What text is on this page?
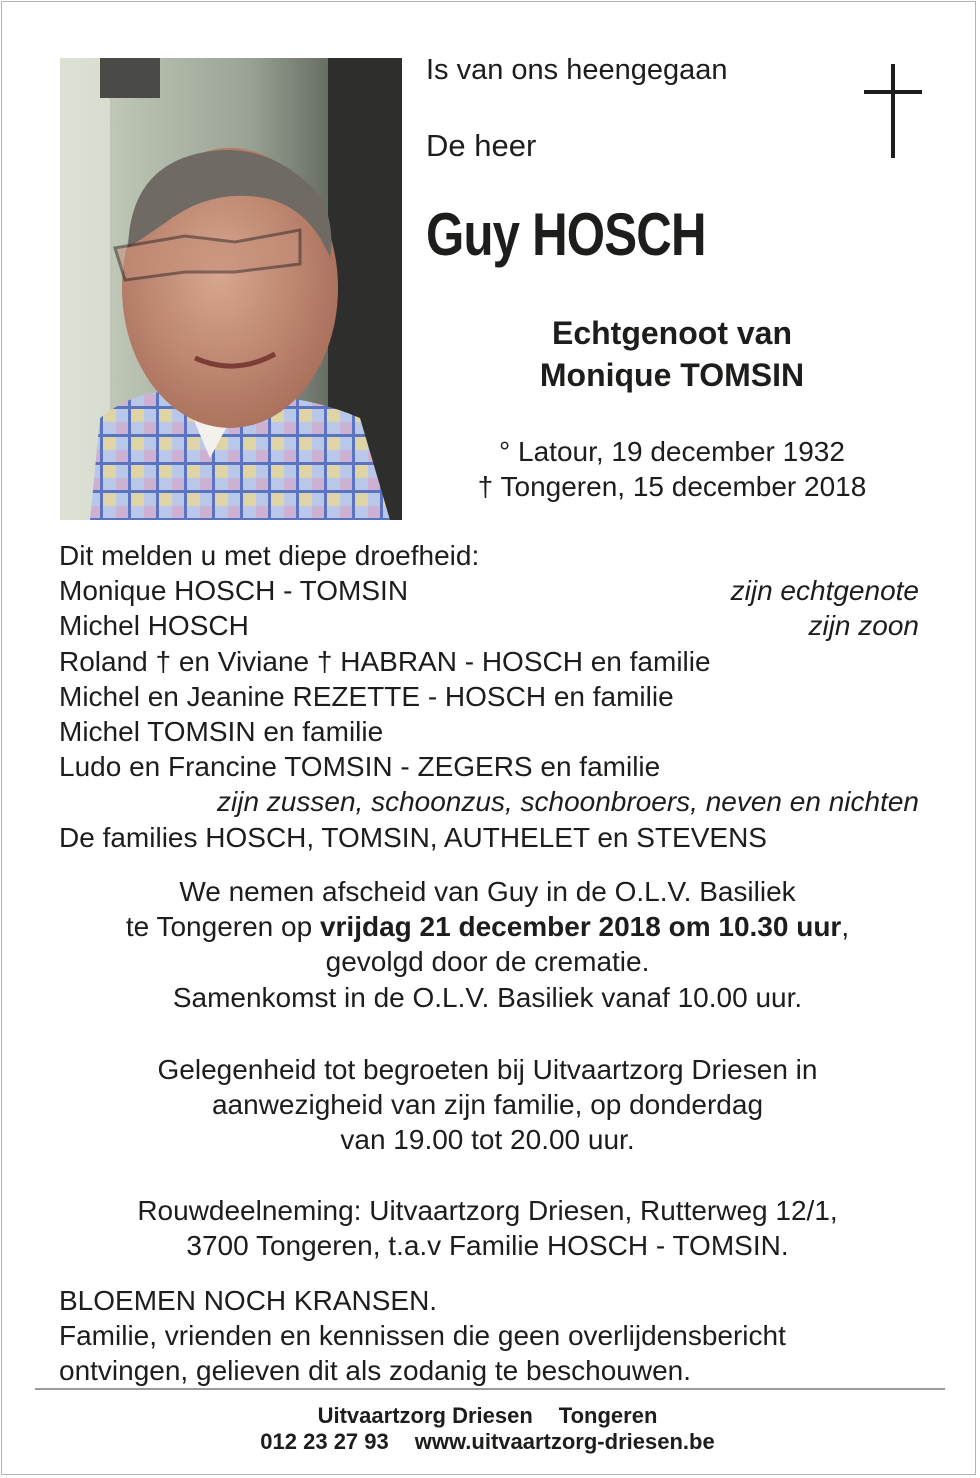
Is van ons heengegaan
De heer
Guy HOSCH

Echtgenoot van

Monique TOMSIN

° Latour, 19 december 1932

† Tongeren, 15 december 2018

Dit melden u met diepe droefheid:

Monique HOSCH - TOMSIN	zijn echtgenote
Michel HOSCH	zijn zoon
Roland † en Viviane † HABRAN - HOSCH en familie
Michel en Jeanine REZETTE - HOSCH en familie
Michel TOMSIN en familie
Ludo en Francine TOMSIN - ZEGERS en familie

zijn zussen, schoonzus, schoonbroers, neven en nichten

De families HOSCH, TOMSIN, AUTHELET en STEVENS

We nemen afscheid van Guy in de O.L.V. Basiliek

te Tongeren op vrijdag 21 december 2018 om 10.30 uur,

gevolgd door de crematie.

Samenkomst in de O.L.V. Basiliek vanaf 10.00 uur.

Gelegenheid tot begroeten bij Uitvaartzorg Driesen in

aanwezigheid van zijn familie, op donderdag

van 19.00 tot 20.00 uur.

Rouwdeelneming: Uitvaartzorg Driesen, Rutterweg 12/1,

3700 Tongeren, t.a.v Familie HOSCH - TOMSIN.

BLOEMEN NOCH KRANSEN.

Familie, vrienden en kennissen die geen overlijdensbericht

ontvingen, gelieven dit als zodanig te beschouwen.

Uitvaartzorg Driesen Tongeren
012 23 27 93 www.uitvaartzorg-driesen.be
